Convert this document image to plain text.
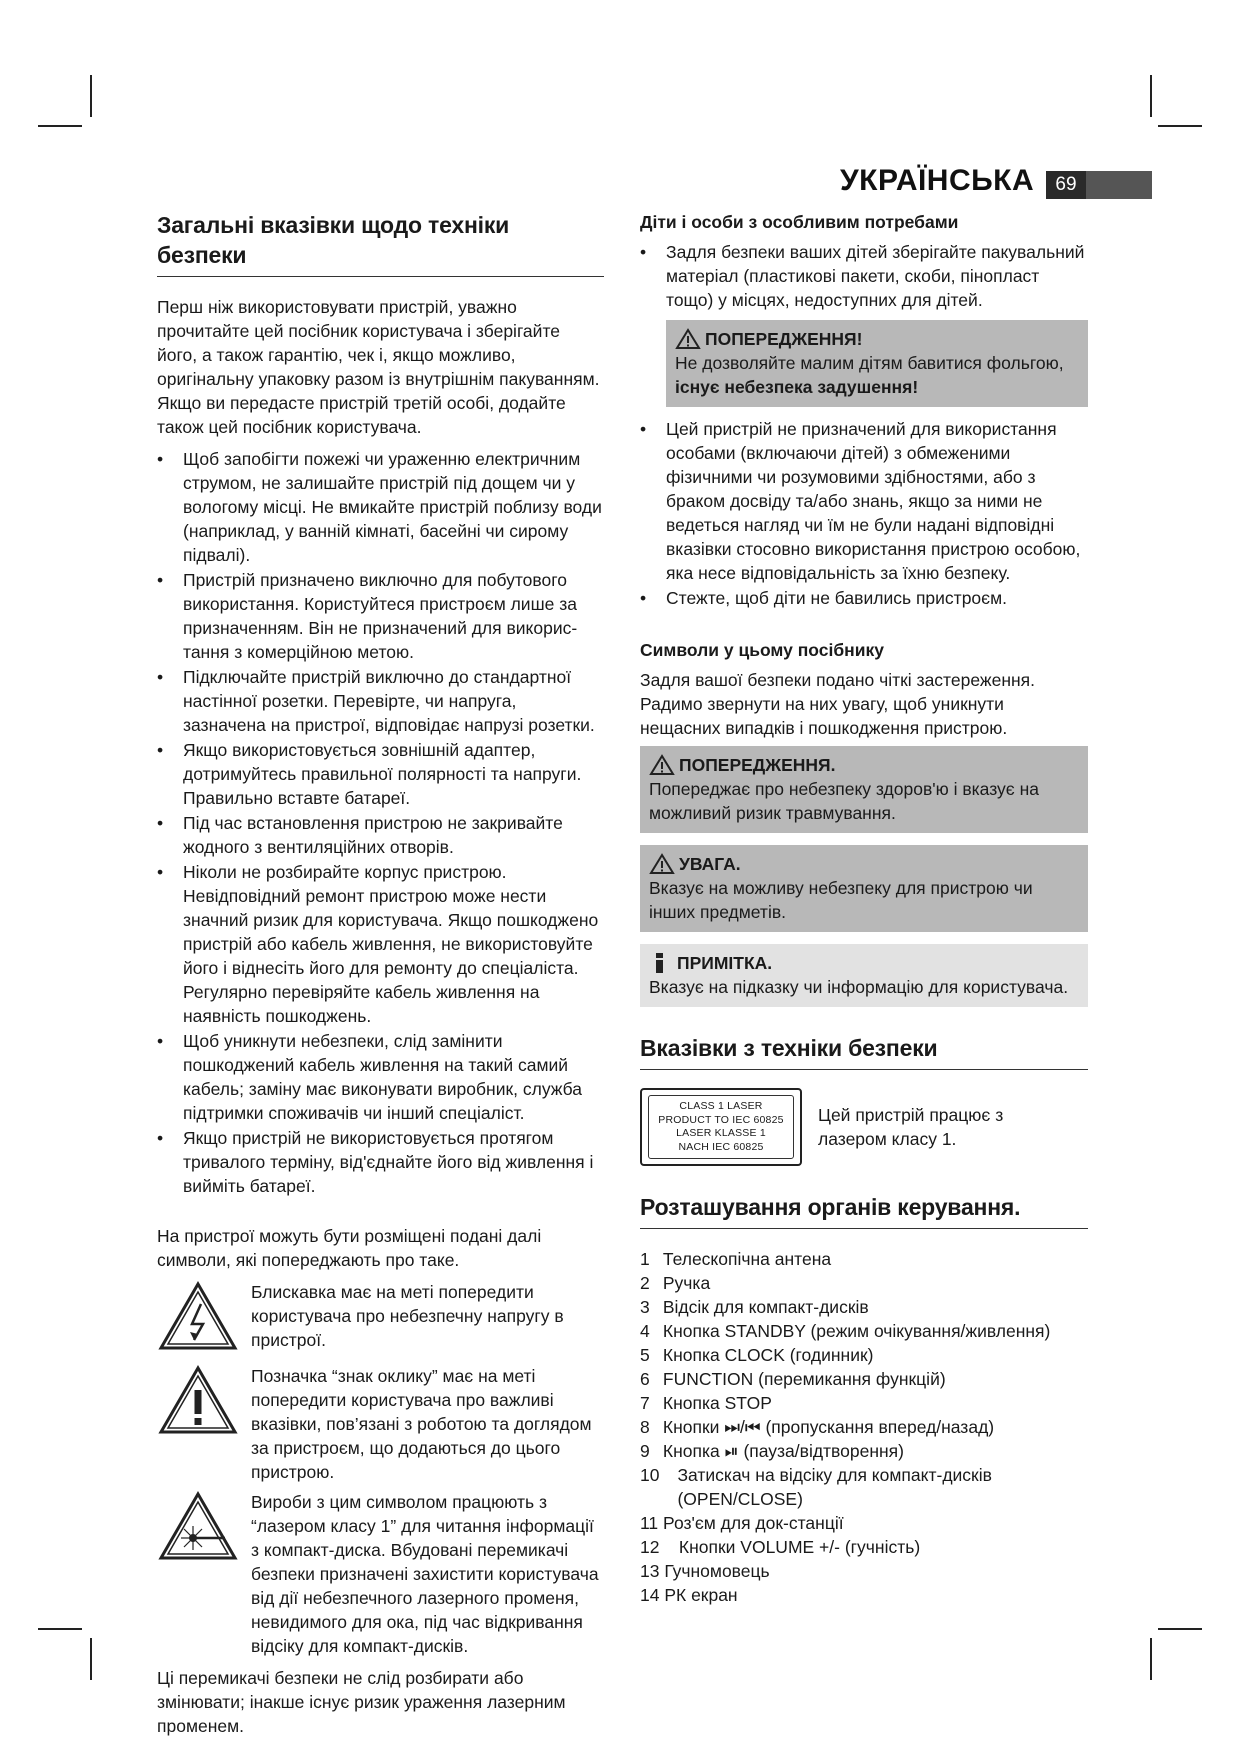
УКРАЇНСЬКА	69
Загальні вказівки щодо техніки безпеки

Перш ніж використовувати пристрій, уважно прочитайте цей посібник користувача і зберігайте його, а також гарантію, чек і, якщо можливо, оригінальну упаковку разом із внутрішнім пакуванням. Якщо ви передасте пристрій третій особі, додайте також цей посібник користувача.

• Щоб запобігти пожежі чи ураженню електричним струмом, не залишайте пристрій під дощем чи у вологому місці. Не вмикайте пристрій поблизу води (наприклад, у ванній кімнаті, басейні чи сирому підвалі).
• Пристрій призначено виключно для побутового використання. Користуйтеся пристроєм лише за призначенням. Він не призначений для викорис-тання з комерційною метою.
• Підключайте пристрій виключно до стандартної настінної розетки. Перевірте, чи напруга, зазначена на пристрої, відповідає напрузі розетки.
• Якщо використовується зовнішній адаптер, дотримуйтесь правильної полярності та напруги. Правильно вставте батареї.
• Під час встановлення пристрою не закривайте жодного з вентиляційних отворів.
• Ніколи не розбирайте корпус пристрою. Невідповідний ремонт пристрою може нести значний ризик для користувача. Якщо пошкоджено пристрій або кабель живлення, не використовуйте його і віднесіть його для ремонту до спеціаліста. Регулярно перевіряйте кабель живлення на наявність пошкоджень.
• Щоб уникнути небезпеки, слід замінити пошкоджений кабель живлення на такий самий кабель; заміну має виконувати виробник, служба підтримки споживачів чи інший спеціаліст.
• Якщо пристрій не використовується протягом тривалого терміну, від'єднайте його від живлення і вийміть батареї.

На пристрої можуть бути розміщені подані далі символи, які попереджають про таке.

Блискавка має на меті попередити користувача про небезпечну напругу в пристрої.

Позначка “знак оклику” має на меті попередити користувача про важливі вказівки, пов’язані з роботою та доглядом за пристроєм, що додаються до цього пристрою.

Вироби з цим символом працюють з “лазером класу 1” для читання інформації з компакт-диска. Вбудовані перемикачі безпеки призначені захистити користувача від дії небезпечного лазерного променя, невидимого для ока, під час відкривання відсіку для компакт-дисків.

Ці перемикачі безпеки не слід розбирати або змінювати; інакше існує ризик ураження лазерним променем.

Діти і особи з особливим потребами
• Задля безпеки ваших дітей зберігайте пакувальний матеріал (пластикові пакети, скоби, пінопласт тощо) у місцях, недоступних для дітей.
ПОПЕРЕДЖЕННЯ!
Не дозволяйте малим дітям бавитися фольгою, існує небезпека задушення!
• Цей пристрій не призначений для використання особами (включаючи дітей) з обмеженими фізичними чи розумовими здібностями, або з браком досвіду та/або знань, якщо за ними не ведеться нагляд чи їм не були надані відповідні вказівки стосовно використання пристрою особою, яка несе відповідальність за їхню безпеку.
• Стежте, щоб діти не бавились пристроєм.
Символи у цьому посібнику

Задля вашої безпеки подано чіткі застереження. Радимо звернути на них увагу, щоб уникнути нещасних випадків і пошкодження пристрою.

ПОПЕРЕДЖЕННЯ.
Попереджає про небезпеку здоров'ю і вказує на можливий ризик травмування.
УВАГА.
Вказує на можливу небезпеку для пристрою чи інших предметів.
ПРИМІТКА.
Вказує на підказку чи інформацію для користувача.
Вказівки з техніки безпеки
CLASS 1 LASER
PRODUCT TO IEC 60825
LASER KLASSE 1
NACH IEC 60825

Цей пристрій працює з лазером класу 1.

Розташування органів керування.
1
Телескопічна антена
2
Ручка
3
Відсік для компакт-дисків
4
Кнопка STANDBY (режим очікування/живлення)
5
Кнопка CLOCK (годинник)
6
FUNCTION (перемикання функцій)
7
Кнопка STOP
8
Кнопки ⏭/⏮ (пропускання вперед/назад)
9
Кнопка ⏯ (пауза/відтворення)
10
Затискач на відсіку для компакт-дисків (OPEN/CLOSE)
11
Роз'єм для док-станції
12
Кнопки VOLUME +/- (гучність)
13
Гучномовець
14
РК екран
